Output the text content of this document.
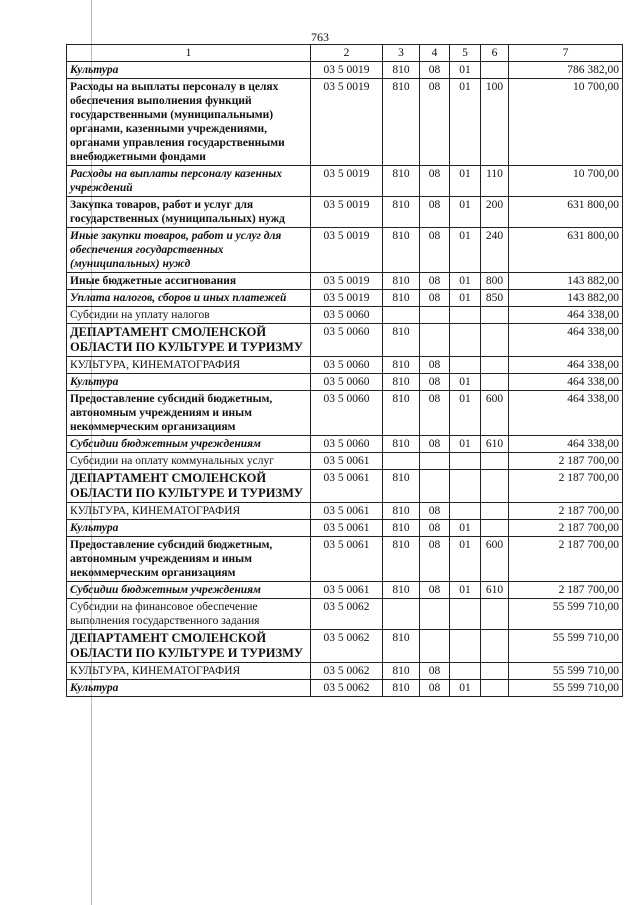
763
1	2	3	4	5	6	7
Культура	03 5 0019	810	08	01		786 382,00
Расходы на выплаты персоналу в целях обеспечения выполнения функций государственными (муниципальными) органами, казенными учреждениями, органами управления государственными внебюджетными фондами	03 5 0019	810	08	01	100	10 700,00
Расходы на выплаты персоналу казенных учреждений	03 5 0019	810	08	01	110	10 700,00
Закупка товаров, работ и услуг для государственных (муниципальных) нужд	03 5 0019	810	08	01	200	631 800,00
Иные закупки товаров, работ и услуг для обеспечения государственных (муниципальных) нужд	03 5 0019	810	08	01	240	631 800,00
Иные бюджетные ассигнования	03 5 0019	810	08	01	800	143 882,00
Уплата налогов, сборов и иных платежей	03 5 0019	810	08	01	850	143 882,00
Субсидии на уплату налогов	03 5 0060					464 338,00
ДЕПАРТАМЕНТ СМОЛЕНСКОЙ ОБЛАСТИ ПО КУЛЬТУРЕ И ТУРИЗМУ	03 5 0060	810				464 338,00
КУЛЬТУРА, КИНЕМАТОГРАФИЯ	03 5 0060	810	08			464 338,00
Культура	03 5 0060	810	08	01		464 338,00
Предоставление субсидий бюджетным, автономным учреждениям и иным некоммерческим организациям	03 5 0060	810	08	01	600	464 338,00
Субсидии бюджетным учреждениям	03 5 0060	810	08	01	610	464 338,00
Субсидии на оплату коммунальных услуг	03 5 0061					2 187 700,00
ДЕПАРТАМЕНТ СМОЛЕНСКОЙ ОБЛАСТИ ПО КУЛЬТУРЕ И ТУРИЗМУ	03 5 0061	810				2 187 700,00
КУЛЬТУРА, КИНЕМАТОГРАФИЯ	03 5 0061	810	08			2 187 700,00
Культура	03 5 0061	810	08	01		2 187 700,00
Предоставление субсидий бюджетным, автономным учреждениям и иным некоммерческим организациям	03 5 0061	810	08	01	600	2 187 700,00
Субсидии бюджетным учреждениям	03 5 0061	810	08	01	610	2 187 700,00
Субсидии на финансовое обеспечение выполнения государственного задания	03 5 0062					55 599 710,00
ДЕПАРТАМЕНТ СМОЛЕНСКОЙ ОБЛАСТИ ПО КУЛЬТУРЕ И ТУРИЗМУ	03 5 0062	810				55 599 710,00
КУЛЬТУРА, КИНЕМАТОГРАФИЯ	03 5 0062	810	08			55 599 710,00
Культура	03 5 0062	810	08	01		55 599 710,00
